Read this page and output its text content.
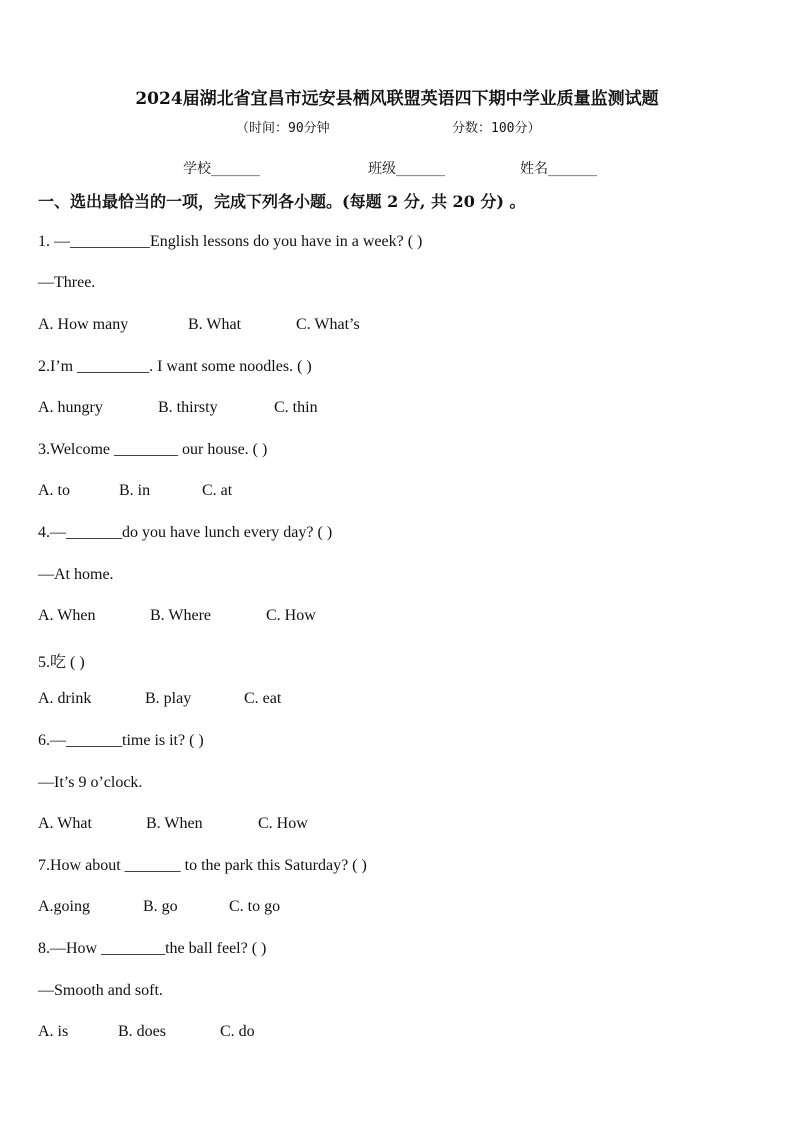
2024届湖北省宜昌市远安县栖风联盟英语四下期中学业质量监测试题
（时间：90分钟	分数：100分）
学校_______	班级_______	姓名_______
一、选出最恰当的一项，完成下列各小题。(每题 2 分, 共 20 分) 。
1. —__________English lessons do you have in a week? ( )
—Three.
A. How many	B. What	C. What’s
2.I’m _________. I want some noodles. ( )
A. hungry	B. thirsty	C. thin
3.Welcome ________ our house. ( )
A. to	B. in	C. at
4.—_______do you have lunch every day? ( )
—At home.
A. When	B. Where	C. How
5.吃 ( )
A. drink	B. play	C. eat
6.—_______time is it? ( )
—It’s 9 o’clock.
A. What	B. When	C. How
7.How about _______ to the park this Saturday? ( )
A.going	B. go	C. to go
8.—How ________the ball feel? ( )
—Smooth and soft.
A. is	B. does	C. do
